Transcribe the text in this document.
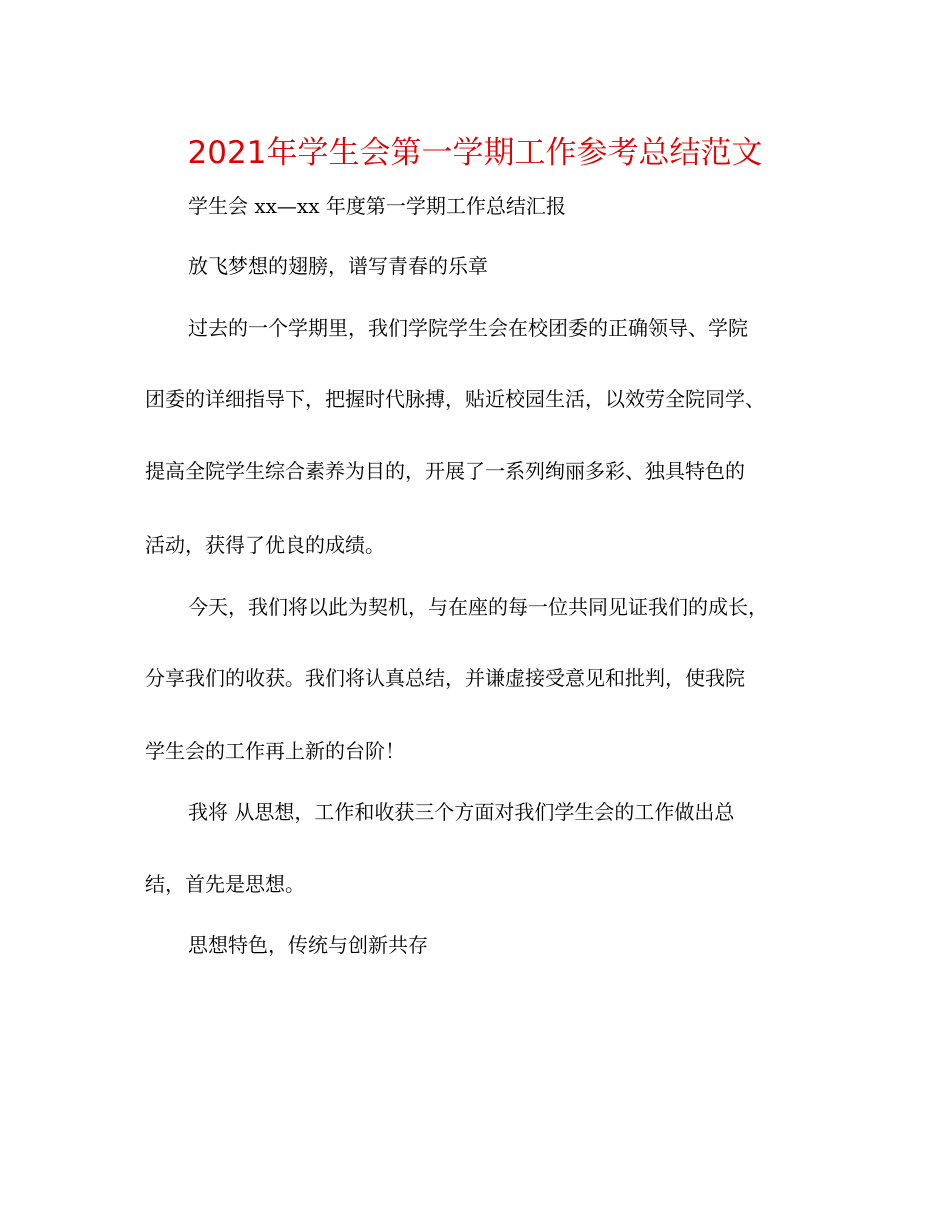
2021年学生会第一学期工作参考总结范文
学生会 xx—xx 年度第一学期工作总结汇报
放飞梦想的翅膀，谱写青春的乐章
过去的一个学期里，我们学院学生会在校团委的正确领导、学院
团委的详细指导下，把握时代脉搏，贴近校园生活，以效劳全院同学、
提高全院学生综合素养为目的，开展了一系列绚丽多彩、独具特色的
活动，获得了优良的成绩。
今天，我们将以此为契机，与在座的每一位共同见证我们的成长，
分享我们的收获。我们将认真总结，并谦虚接受意见和批判，使我院
学生会的工作再上新的台阶！
我将 从思想，工作和收获三个方面对我们学生会的工作做出总
结，首先是思想。
思想特色，传统与创新共存
